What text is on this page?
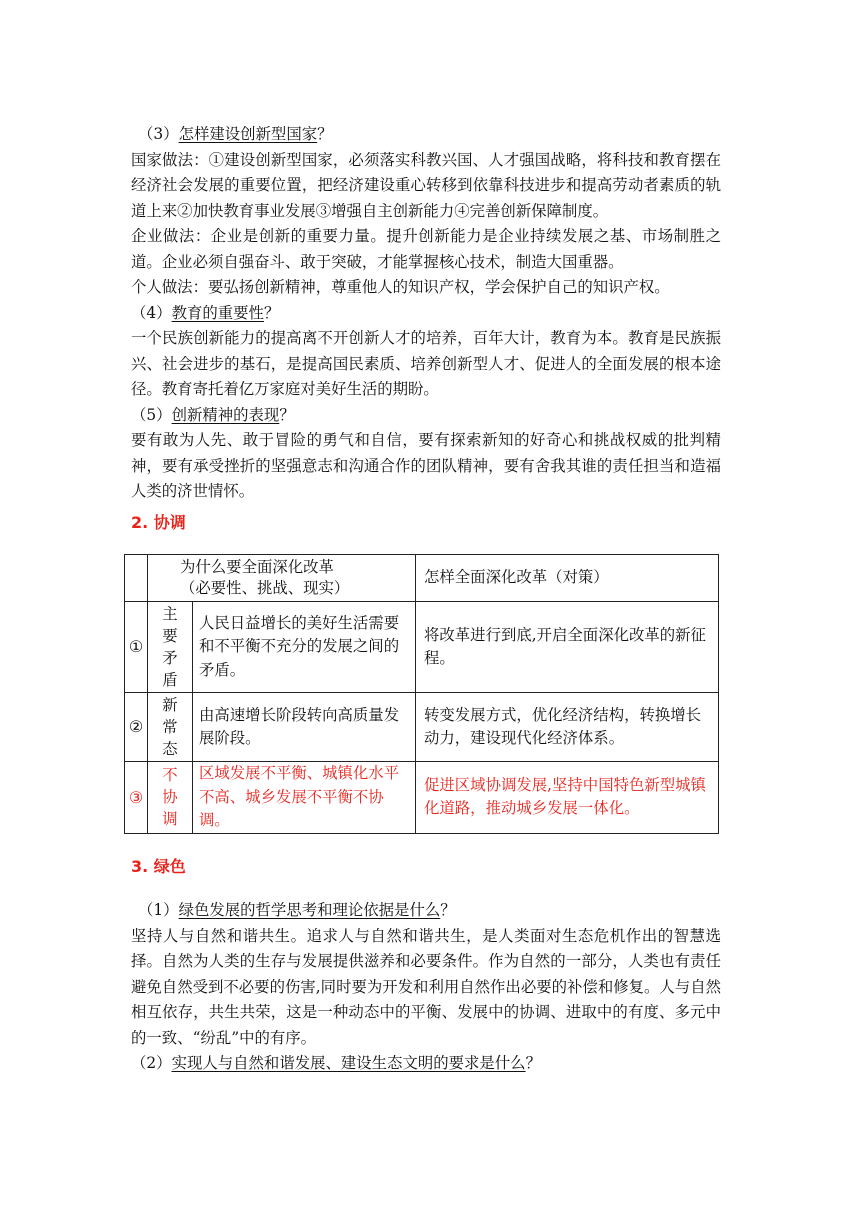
（3）怎样建设创新型国家？

国家做法：①建设创新型国家，必须落实科教兴国、人才强国战略，将科技和教育摆在经济社会发展的重要位置，把经济建设重心转移到依靠科技进步和提高劳动者素质的轨道上来②加快教育事业发展③增强自主创新能力④完善创新保障制度。

企业做法：企业是创新的重要力量。提升创新能力是企业持续发展之基、市场制胜之道。企业必须自强奋斗、敢于突破，才能掌握核心技术，制造大国重器。

个人做法：要弘扬创新精神，尊重他人的知识产权，学会保护自己的知识产权。

（4）教育的重要性？

一个民族创新能力的提高离不开创新人才的培养，百年大计，教育为本。教育是民族振兴、社会进步的基石，是提高国民素质、培养创新型人才、促进人的全面发展的根本途径。教育寄托着亿万家庭对美好生活的期盼。

（5）创新精神的表现？

要有敢为人先、敢于冒险的勇气和自信，要有探索新知的好奇心和挑战权威的批判精神，要有承受挫折的坚强意志和沟通合作的团队精神，要有舍我其谁的责任担当和造福人类的济世情怀。

2. 协调
	为什么要全面深化改革
（必要性、挑战、现实）		怎样全面深化改革（对策）
①	主要矛盾	人民日益增长的美好生活需要和不平衡不充分的发展之间的矛盾。	将改革进行到底,开启全面深化改革的新征程。
②	新常态	由高速增长阶段转向高质量发展阶段。	转变发展方式，优化经济结构，转换增长动力，建设现代化经济体系。
③	不协调	区域发展不平衡、城镇化水平不高、城乡发展不平衡不协调。	促进区域协调发展,坚持中国特色新型城镇化道路，推动城乡发展一体化。
3. 绿色

（1）绿色发展的哲学思考和理论依据是什么？

坚持人与自然和谐共生。追求人与自然和谐共生，是人类面对生态危机作出的智慧选择。自然为人类的生存与发展提供滋养和必要条件。作为自然的一部分，人类也有责任避免自然受到不必要的伤害,同时要为开发和利用自然作出必要的补偿和修复。人与自然相互依存，共生共荣，这是一种动态中的平衡、发展中的协调、进取中的有度、多元中的一致、“纷乱”中的有序。

（2）实现人与自然和谐发展、建设生态文明的要求是什么？
